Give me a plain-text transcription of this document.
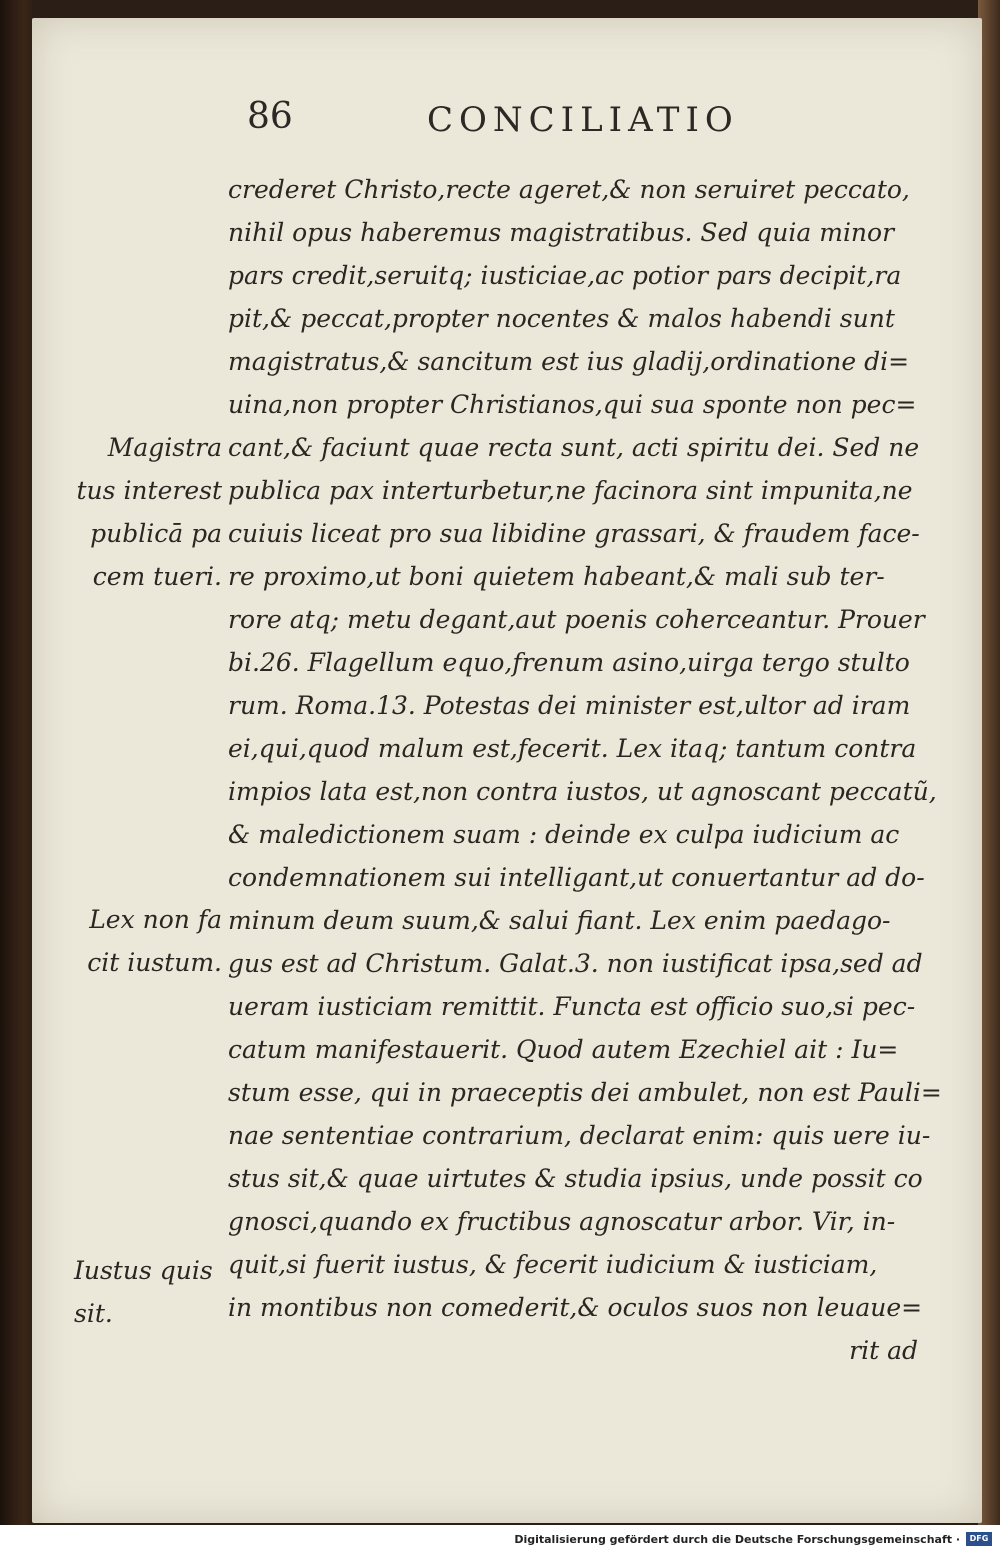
86	CONCILIATIO
crederet Christo,recte ageret,& non seruiret peccato,
nihil opus haberemus magistratibus. Sed quia minor
pars credit,seruitq; iusticiae,ac potior pars decipit,ra
pit,& peccat,propter nocentes & malos habendi sunt
magistratus,& sancitum est ius gladij,ordinatione di=
uina,non propter Christianos,qui sua sponte non pec=
cant,& faciunt quae recta sunt, acti spiritu dei. Sed ne
publica pax interturbetur,ne facinora sint impunita,ne
cuiuis liceat pro sua libidine grassari, & fraudem face-
re proximo,ut boni quietem habeant,& mali sub ter-
rore atq; metu degant,aut poenis coherceantur. Prouer
bi.26. Flagellum equo,frenum asino,uirga tergo stulto
rum. Roma.13. Potestas dei minister est,ultor ad iram
ei,qui,quod malum est,fecerit. Lex itaq; tantum contra
impios lata est,non contra iustos, ut agnoscant peccatũ,
& maledictionem suam : deinde ex culpa iudicium ac
condemnationem sui intelligant,ut conuertantur ad do-
minum deum suum,& salui fiant. Lex enim paedago-
gus est ad Christum. Galat.3. non iustificat ipsa,sed ad
ueram iusticiam remittit. Functa est officio suo,si pec-
catum manifestauerit. Quod autem Ezechiel ait : Iu=
stum esse, qui in praeceptis dei ambulet, non est Pauli=
nae sententiae contrarium, declarat enim: quis uere iu-
stus sit,& quae uirtutes & studia ipsius, unde possit co
gnosci,quando ex fructibus agnoscatur arbor. Vir, in-
quit,si fuerit iustus, & fecerit iudicium & iusticiam,
in montibus non comederit,& oculos suos non leuaue=
rit ad
Magistra
tus interest
publicā pa
cem tueri.
Lex non fa
cit iustum.
Iustus quis
sit.
Digitalisierung gefördert durch die Deutsche Forschungsgemeinschaft ·	DFG
